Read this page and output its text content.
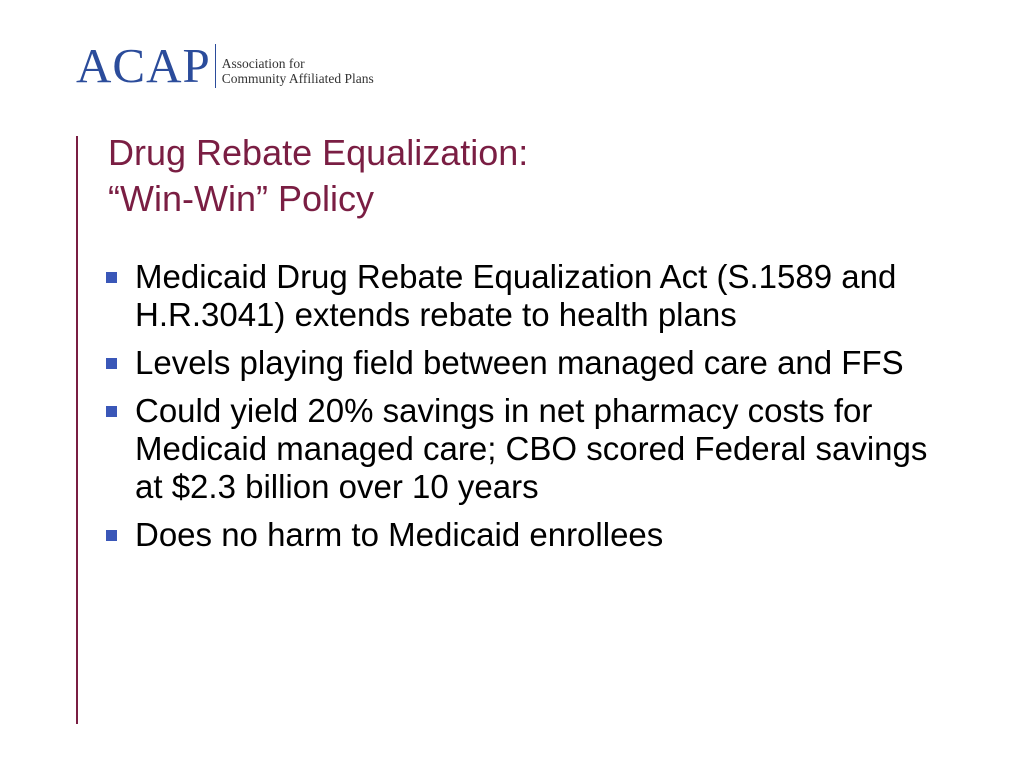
ACAP Association for
Community Affiliated Plans
Drug Rebate Equalization:
“Win-Win” Policy
Medicaid Drug Rebate Equalization Act (S.1589 and H.R.3041) extends rebate to health plans
Levels playing field between managed care and FFS
Could yield 20% savings in net pharmacy costs for Medicaid managed care; CBO scored Federal savings at $2.3 billion over 10 years
Does no harm to Medicaid enrollees
